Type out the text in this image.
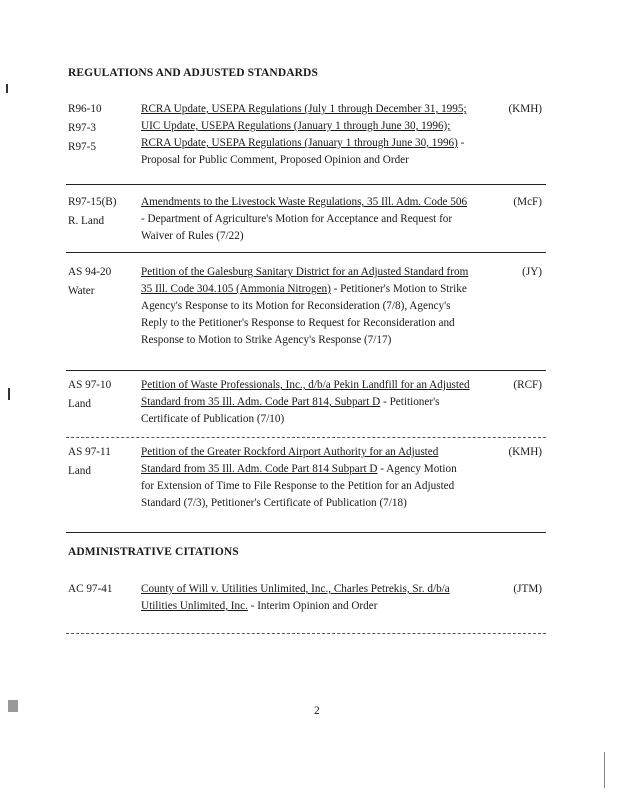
REGULATIONS AND ADJUSTED STANDARDS
R96-10
R97-3
R97-5
RCRA Update, USEPA Regulations (July 1 through December 31, 1995; UIC Update, USEPA Regulations (January 1 through June 30, 1996); RCRA Update, USEPA Regulations (January 1 through June 30, 1996) - Proposal for Public Comment, Proposed Opinion and Order
(KMH)
R97-15(B)
R. Land
Amendments to the Livestock Waste Regulations, 35 Ill. Adm. Code 506 - Department of Agriculture's Motion for Acceptance and Request for Waiver of Rules (7/22)
(McF)
AS 94-20
Water
Petition of the Galesburg Sanitary District for an Adjusted Standard from 35 Ill. Code 304.105 (Ammonia Nitrogen) - Petitioner's Motion to Strike Agency's Response to its Motion for Reconsideration (7/8), Agency's Reply to the Petitioner's Response to Request for Reconsideration and Response to Motion to Strike Agency's Response (7/17)
(JY)
AS 97-10
Land
Petition of Waste Professionals, Inc., d/b/a Pekin Landfill for an Adjusted Standard from 35 Ill. Adm. Code Part 814, Subpart D - Petitioner's Certificate of Publication (7/10)
(RCF)
AS 97-11
Land
Petition of the Greater Rockford Airport Authority for an Adjusted Standard from 35 Ill. Adm. Code Part 814 Subpart D - Agency Motion for Extension of Time to File Response to the Petition for an Adjusted Standard (7/3), Petitioner's Certificate of Publication (7/18)
(KMH)
ADMINISTRATIVE CITATIONS
AC 97-41	County of Will v. Utilities Unlimited, Inc., Charles Petrekis, Sr. d/b/a Utilities Unlimited, Inc. - Interim Opinion and Order
(JTM)
2
